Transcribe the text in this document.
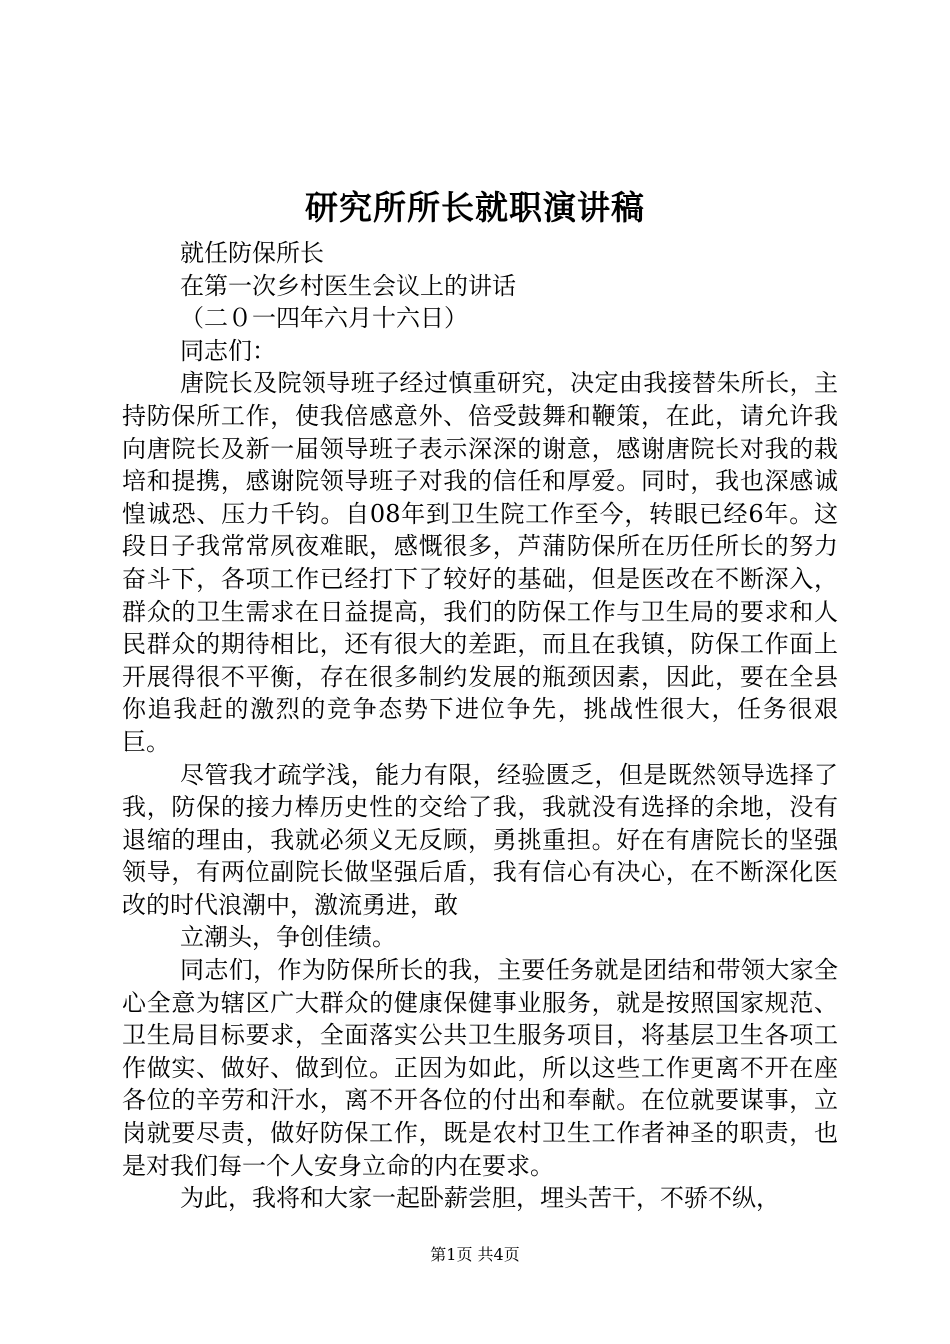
研究所所长就职演讲稿

就任防保所长

在第一次乡村医生会议上的讲话

（二０一四年六月十六日）

同志们：

唐院长及院领导班子经过慎重研究，决定由我接替朱所长，主持防保所工作，使我倍感意外、倍受鼓舞和鞭策，在此，请允许我向唐院长及新一届领导班子表示深深的谢意，感谢唐院长对我的栽培和提携，感谢院领导班子对我的信任和厚爱。同时，我也深感诚惶诚恐、压力千钧。自08年到卫生院工作至今，转眼已经6年。这段日子我常常夙夜难眠，感慨很多，芦蒲防保所在历任所长的努力奋斗下，各项工作已经打下了较好的基础，但是医改在不断深入，群众的卫生需求在日益提高，我们的防保工作与卫生局的要求和人民群众的期待相比，还有很大的差距，而且在我镇，防保工作面上开展得很不平衡，存在很多制约发展的瓶颈因素，因此，要在全县你追我赶的激烈的竞争态势下进位争先，挑战性很大，任务很艰巨。

尽管我才疏学浅，能力有限，经验匮乏，但是既然领导选择了我，防保的接力棒历史性的交给了我，我就没有选择的余地，没有退缩的理由，我就必须义无反顾，勇挑重担。好在有唐院长的坚强领导，有两位副院长做坚强后盾，我有信心有决心，在不断深化医改的时代浪潮中，激流勇进，敢

立潮头，争创佳绩。

同志们，作为防保所长的我，主要任务就是团结和带领大家全心全意为辖区广大群众的健康保健事业服务，就是按照国家规范、卫生局目标要求，全面落实公共卫生服务项目，将基层卫生各项工作做实、做好、做到位。正因为如此，所以这些工作更离不开在座各位的辛劳和汗水，离不开各位的付出和奉献。在位就要谋事，立岗就要尽责，做好防保工作，既是农村卫生工作者神圣的职责，也是对我们每一个人安身立命的内在要求。

为此，我将和大家一起卧薪尝胆，埋头苦干，不骄不纵，

第1页 共4页
